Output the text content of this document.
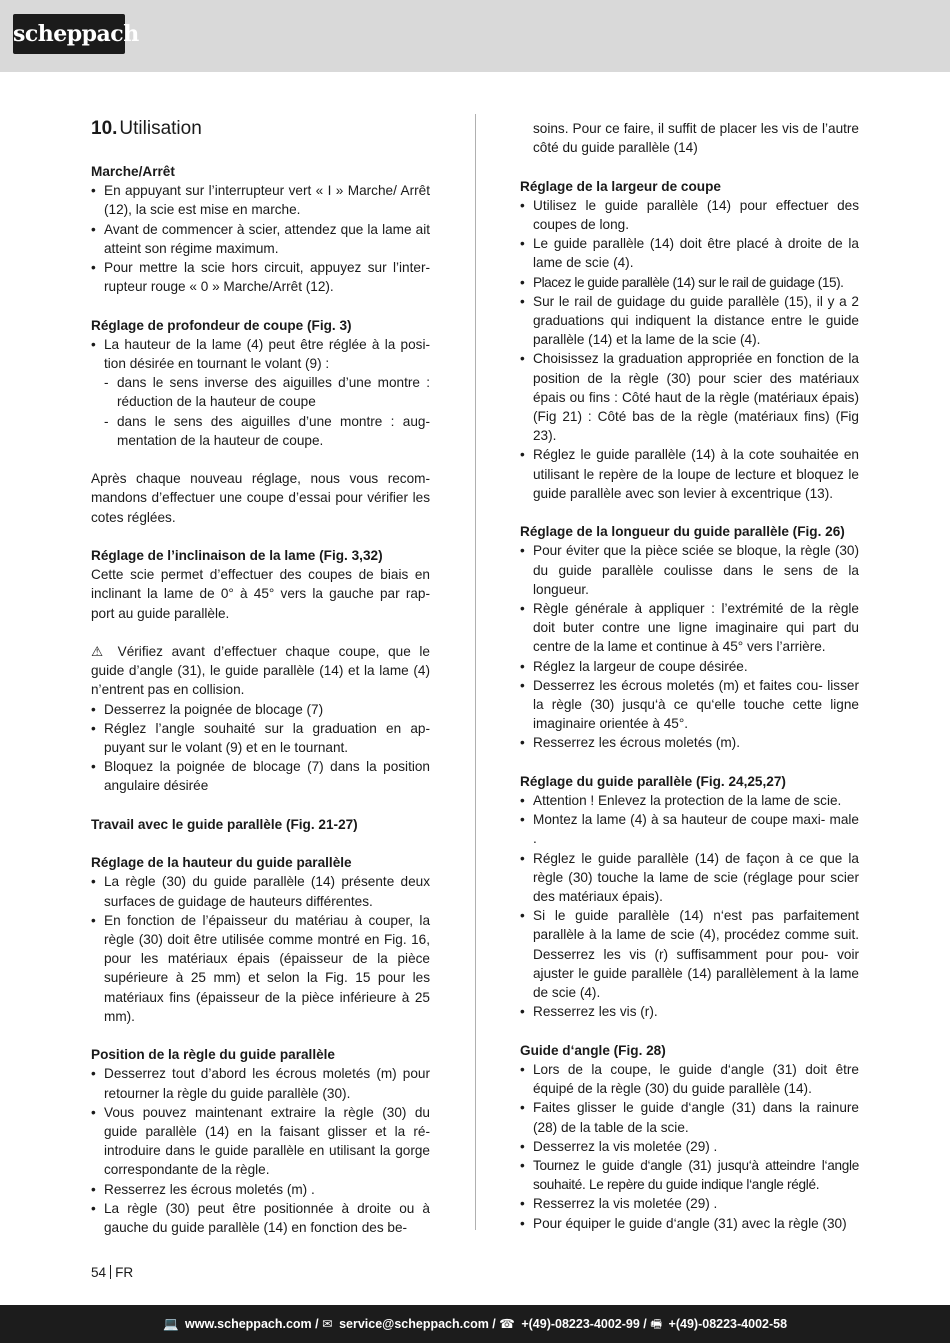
scheppach
10. Utilisation
Marche/Arrêt
• En appuyant sur l’interrupteur vert « I » Marche/ Arrêt (12), la scie est mise en marche.
• Avant de commencer à scier, attendez que la lame ait atteint son régime maximum.
• Pour mettre la scie hors circuit, appuyez sur l’inter- rupteur rouge « 0 » Marche/Arrêt (12).
Réglage de profondeur de coupe (Fig. 3)
• La hauteur de la lame (4) peut être réglée à la posi- tion désirée en tournant le volant (9) :
- dans le sens inverse des aiguilles d’une montre : réduction de la hauteur de coupe
- dans le sens des aiguilles d’une montre : aug- mentation de la hauteur de coupe.

Après chaque nouveau réglage, nous vous recom- mandons d’effectuer une coupe d’essai pour vérifier les cotes réglées.

Réglage de l’inclinaison de la lame (Fig. 3,32)

Cette scie permet d’effectuer des coupes de biais en inclinant la lame de 0° à 45° vers la gauche par rap- port au guide parallèle.

⚠ Vérifiez avant d’effectuer chaque coupe, que le guide d’angle (31), le guide parallèle (14) et la lame (4) n’entrent pas en collision.

• Desserrez la poignée de blocage (7)
• Réglez l’angle souhaité sur la graduation en ap- puyant sur le volant (9) et en le tournant.
• Bloquez la poignée de blocage (7) dans la position angulaire désirée
Travail avec le guide parallèle (Fig. 21-27)
Réglage de la hauteur du guide parallèle
• La règle (30) du guide parallèle (14) présente deux surfaces de guidage de hauteurs différentes.
• En fonction de l’épaisseur du matériau à couper, la règle (30) doit être utilisée comme montré en Fig. 16, pour les matériaux épais (épaisseur de la pièce supérieure à 25 mm) et selon la Fig. 15 pour les matériaux fins (épaisseur de la pièce inférieure à 25 mm).
Position de la règle du guide parallèle
• Desserrez tout d’abord les écrous moletés (m) pour retourner la règle du guide parallèle (30).
• Vous pouvez maintenant extraire la règle (30) du guide parallèle (14) en la faisant glisser et la ré- introduire dans le guide parallèle en utilisant la gorge correspondante de la règle.
• Resserrez les écrous moletés (m) .
• La règle (30) peut être positionnée à droite ou à gauche du guide parallèle (14) en fonction des be-

soins. Pour ce faire, il suffit de placer les vis de l’autre côté du guide parallèle (14)

Réglage de la largeur de coupe
• Utilisez le guide parallèle (14) pour effectuer des coupes de long.
• Le guide parallèle (14) doit être placé à droite de la lame de scie (4).
• Placez le guide parallèle (14) sur le rail de guidage (15).
• Sur le rail de guidage du guide parallèle (15), il y a 2 graduations qui indiquent la distance entre le guide parallèle (14) et la lame de la scie (4).
• Choisissez la graduation appropriée en fonction de la position de la règle (30) pour scier des matériaux épais ou fins : Côté haut de la règle (matériaux épais) (Fig 21) : Côté bas de la règle (matériaux fins) (Fig 23).
• Réglez le guide parallèle (14) à la cote souhaitée en utilisant le repère de la loupe de lecture et bloquez le guide parallèle avec son levier à excentrique (13).
Réglage de la longueur du guide parallèle (Fig. 26)
• Pour éviter que la pièce sciée se bloque, la règle (30) du guide parallèle coulisse dans le sens de la longueur.
• Règle générale à appliquer : l’extrémité de la règle doit buter contre une ligne imaginaire qui part du centre de la lame et continue à 45° vers l’arrière.
• Réglez la largeur de coupe désirée.
• Desserrez les écrous moletés (m) et faites cou- lisser la règle (30) jusqu‘à ce qu‘elle touche cette ligne imaginaire orientée à 45°.
• Resserrez les écrous moletés (m).
Réglage du guide parallèle (Fig. 24,25,27)
• Attention ! Enlevez la protection de la lame de scie.
• Montez la lame (4) à sa hauteur de coupe maxi- male .
• Réglez le guide parallèle (14) de façon à ce que la règle (30) touche la lame de scie (réglage pour scier des matériaux épais).
• Si le guide parallèle (14) n‘est pas parfaitement parallèle à la lame de scie (4), procédez comme suit. Desserrez les vis (r) suffisamment pour pou- voir ajuster le guide parallèle (14) parallèlement à la lame de scie (4).
• Resserrez les vis (r).
Guide d‘angle (Fig. 28)
• Lors de la coupe, le guide d‘angle (31) doit être équipé de la règle (30) du guide parallèle (14).
• Faites glisser le guide d‘angle (31) dans la rainure (28) de la table de la scie.
• Desserrez la vis moletée (29) .
• Tournez le guide d‘angle (31) jusqu‘à atteindre l‘angle souhaité. Le repère du guide indique l‘angle réglé.
• Resserrez la vis moletée (29) .
• Pour équiper le guide d‘angle (31) avec la règle (30)
54 FR
💻 www.scheppach.com / ✉ service@scheppach.com / ☎ +(49)-08223-4002-99 / 🖷 +(49)-08223-4002-58
